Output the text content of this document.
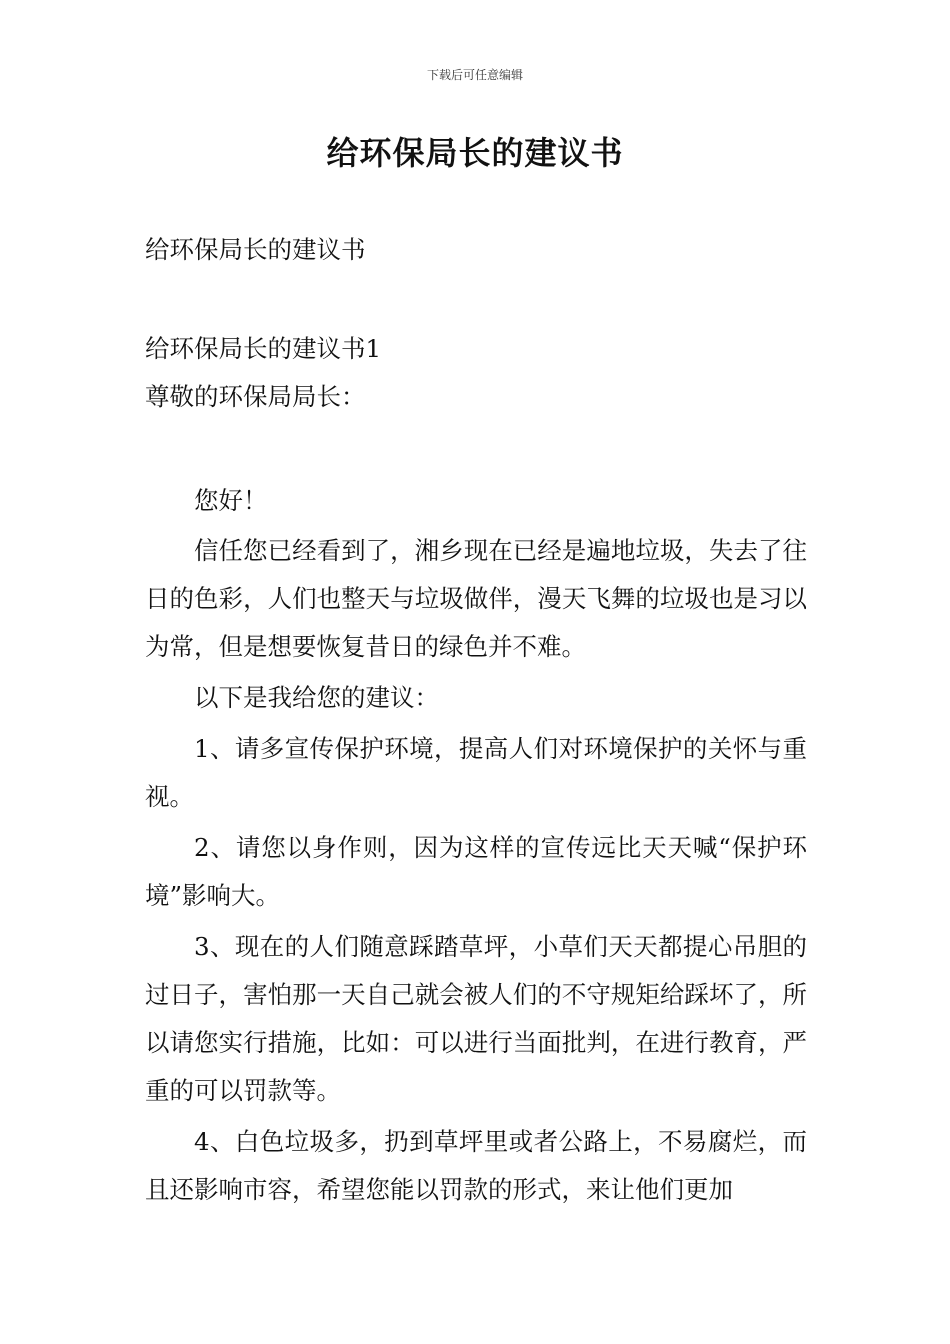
下载后可任意编辑
给环保局长的建议书
给环保局长的建议书
给环保局长的建议书1
尊敬的环保局局长：

您好！

信任您已经看到了，湘乡现在已经是遍地垃圾，失去了往日的色彩，人们也整天与垃圾做伴，漫天飞舞的垃圾也是习以为常，但是想要恢复昔日的绿色并不难。

以下是我给您的建议：

1、请多宣传保护环境，提高人们对环境保护的关怀与重视。

2、请您以身作则，因为这样的宣传远比天天喊“保护环境”影响大。

3、现在的人们随意踩踏草坪，小草们天天都提心吊胆的过日子，害怕那一天自己就会被人们的不守规矩给踩坏了，所以请您实行措施，比如：可以进行当面批判，在进行教育，严重的可以罚款等。

4、白色垃圾多，扔到草坪里或者公路上，不易腐烂，而且还影响市容，希望您能以罚款的形式，来让他们更加
